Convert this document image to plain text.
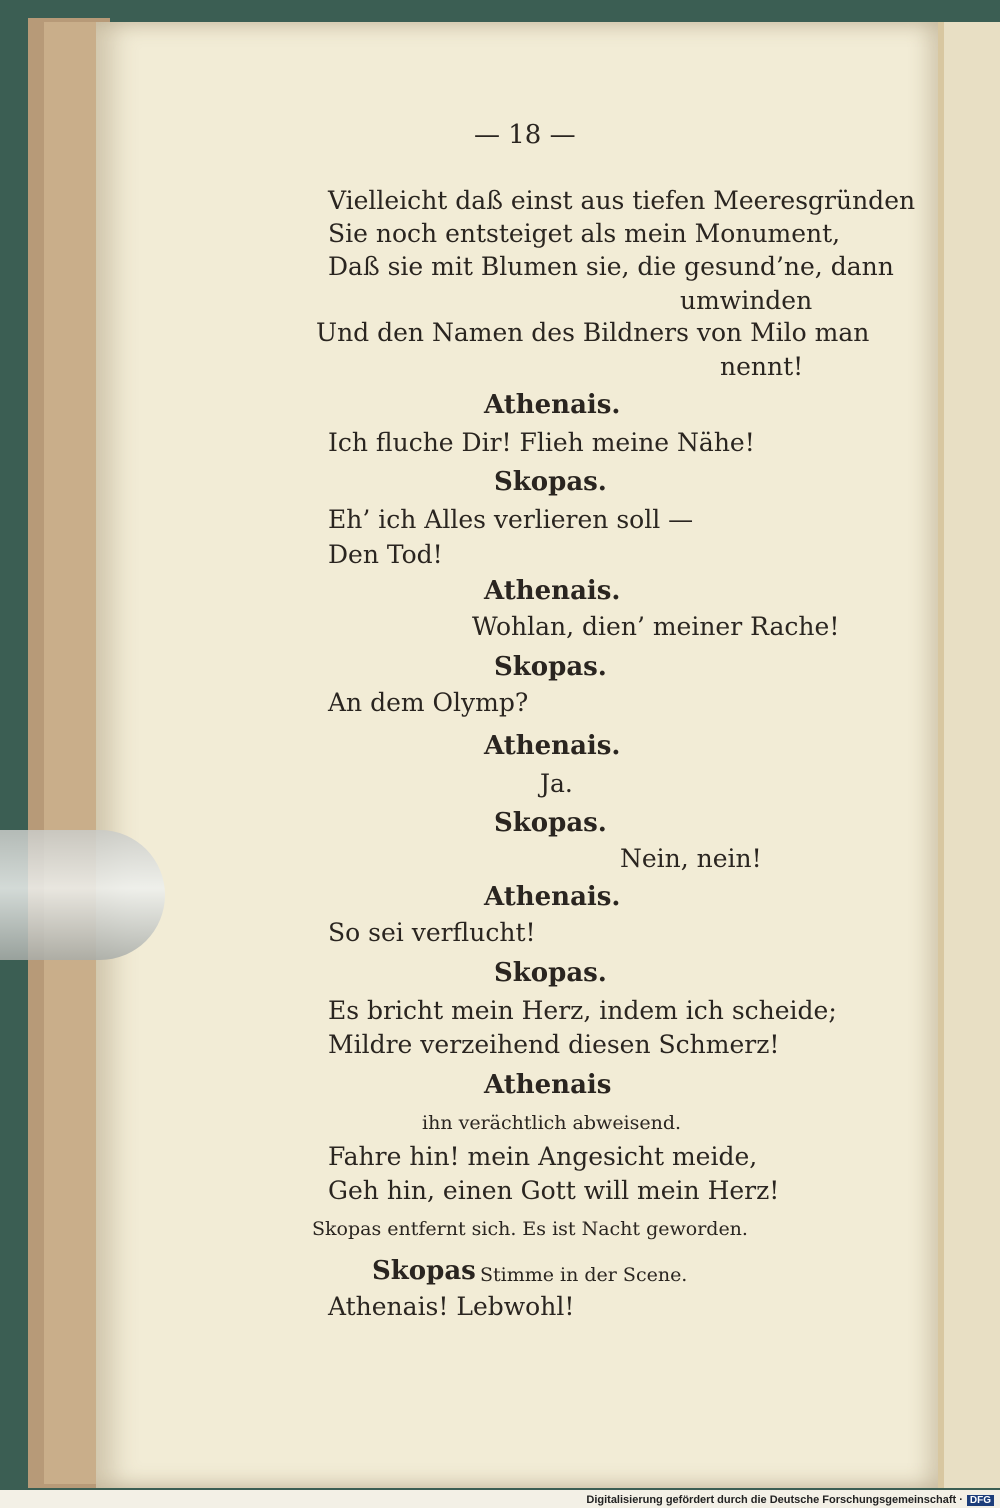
— 18 —
Vielleicht daß einst aus tiefen Meeresgründen
Sie noch entsteiget als mein Monument,
Daß sie mit Blumen sie, die gesund’ne, dann
umwinden
Und den Namen des Bildners von Milo man
nennt!
Athenais.
Ich fluche Dir! Flieh meine Nähe!
Skopas.
Eh’ ich Alles verlieren soll —
Den Tod!
Athenais.
Wohlan, dien’ meiner Rache!
Skopas.
An dem Olymp?
Athenais.
Ja.
Skopas.
Nein, nein!
Athenais.
So sei verflucht!
Skopas.
Es bricht mein Herz, indem ich scheide;
Mildre verzeihend diesen Schmerz!
Athenais
ihn verächtlich abweisend.
Fahre hin! mein Angesicht meide,
Geh hin, einen Gott will mein Herz!
Skopas entfernt sich. Es ist Nacht geworden.
Skopas Stimme in der Scene.
Athenais! Lebwohl!
Digitalisierung gefördert durch die Deutsche Forschungsgemeinschaft · DFG
